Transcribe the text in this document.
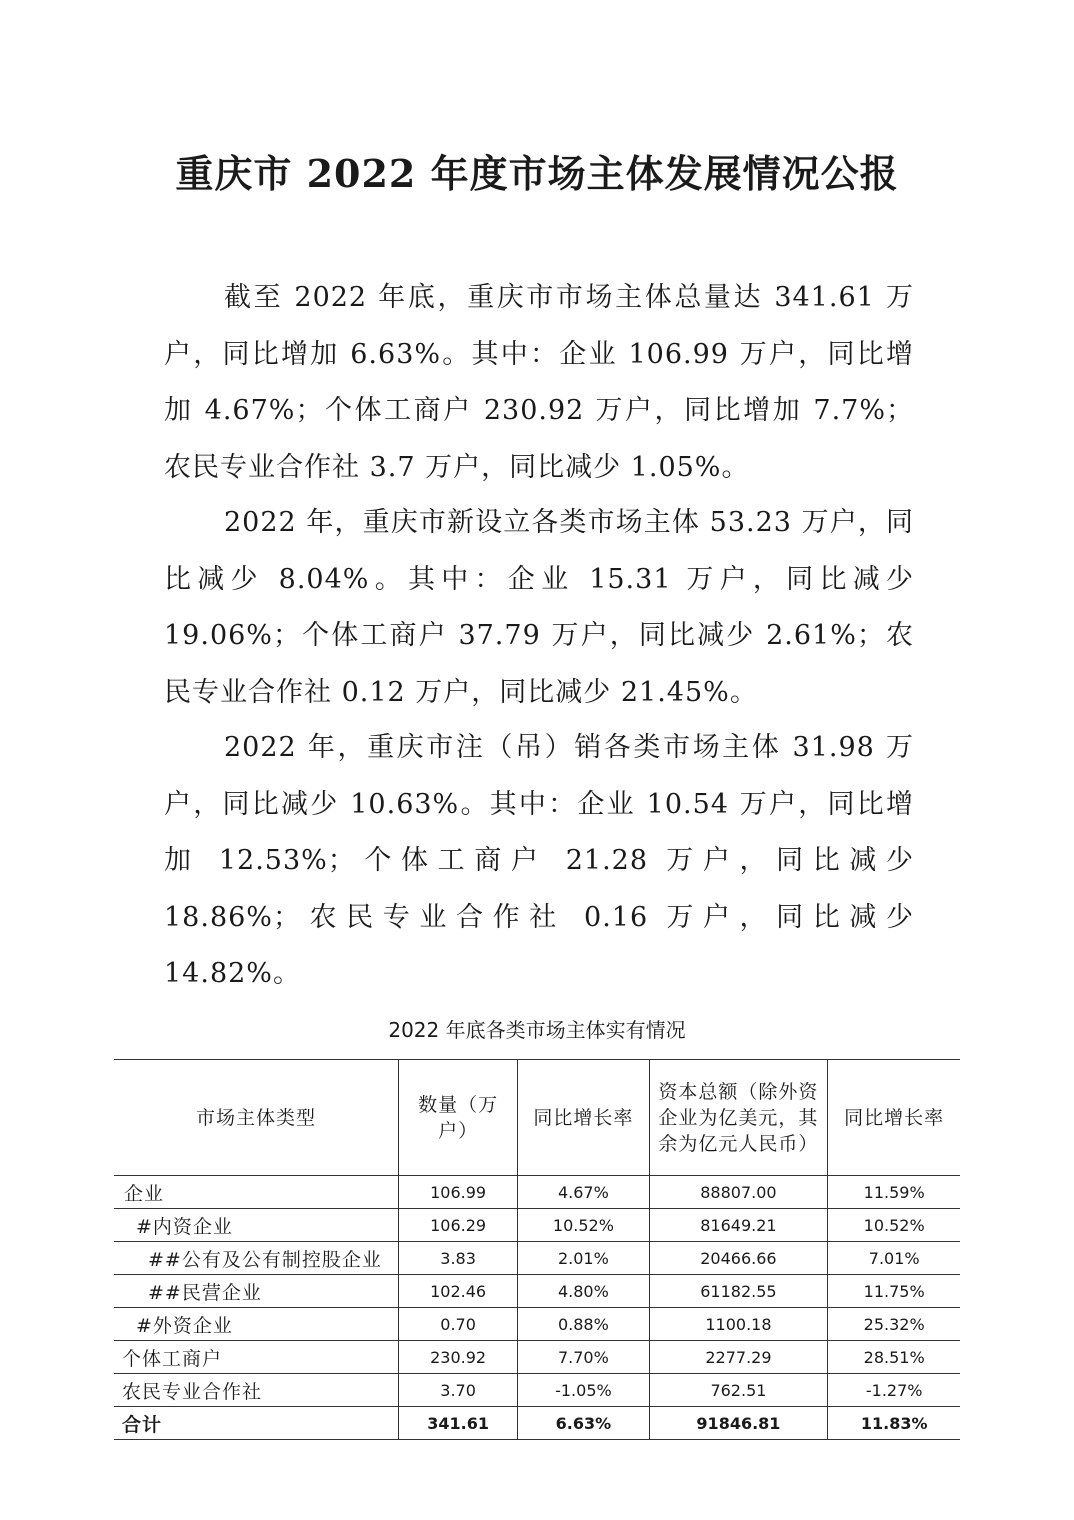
重庆市 2022 年度市场主体发展情况公报

截至 2022 年底，重庆市市场主体总量达 341.61 万户，同比增加 6.63%。其中：企业 106.99 万户，同比增加 4.67%；个体工商户 230.92 万户，同比增加 7.7%；农民专业合作社 3.7 万户，同比减少 1.05%。

2022 年，重庆市新设立各类市场主体 53.23 万户，同比减少 8.04%。其中：企业 15.31 万户，同比减少 19.06%；个体工商户 37.79 万户，同比减少 2.61%；农民专业合作社 0.12 万户，同比减少 21.45%。

2022 年，重庆市注（吊）销各类市场主体 31.98 万户，同比减少 10.63%。其中：企业 10.54 万户，同比增加 12.53%；个体工商户 21.28 万户，同比减少 18.86%；农民专业合作社 0.16 万户，同比减少 14.82%。

2022 年底各类市场主体实有情况

市场主体类型	数量（万户）	同比增长率	资本总额（除外资企业为亿美元，其余为亿元人民币）	同比增长率
企业	106.99	4.67%	88807.00	11.59%
#内资企业	106.29	10.52%	81649.21	10.52%
##公有及公有制控股企业	3.83	2.01%	20466.66	7.01%
##民营企业	102.46	4.80%	61182.55	11.75%
#外资企业	0.70	0.88%	1100.18	25.32%
个体工商户	230.92	7.70%	2277.29	28.51%
农民专业合作社	3.70	-1.05%	762.51	-1.27%
合计	341.61	6.63%	91846.81	11.83%
